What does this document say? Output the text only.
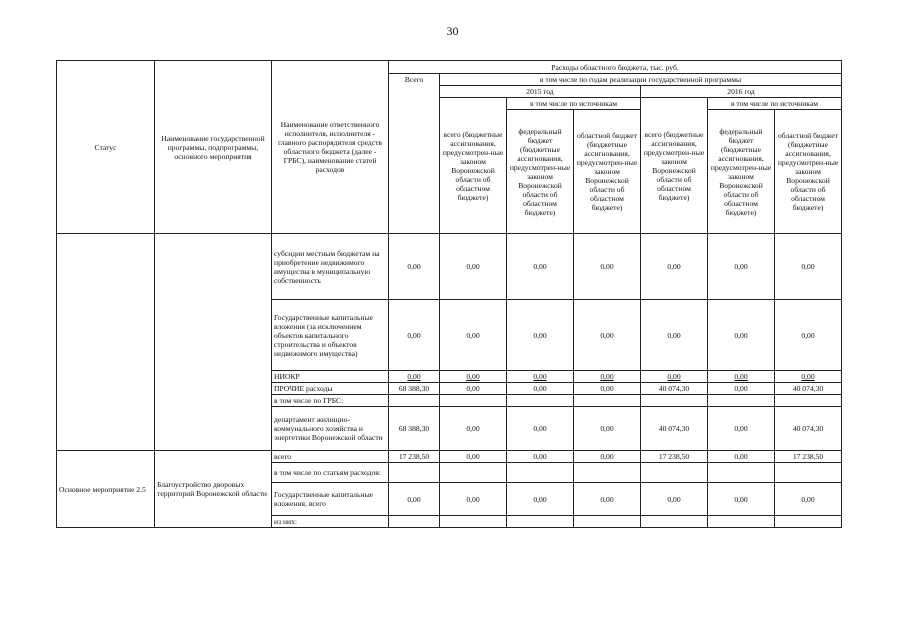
30
Статус	Наименование государственной программы, подпрограммы, основного мероприятия	Наименование ответственного исполнителя, исполнителя - главного распорядителя средств областного бюджета (далее - ГРБС), наименование статей расходов	Расходы областного бюджета, тыс. руб.						
			Всего	в том числе по годам реализации государственной программы					
				2015 год			2016 год		
				всего (бюджетные ассигнования, предусмотрен-ные законом Воронежской области об областном бюджете)	в том числе по источникам		всего (бюджетные ассигнования, предусмотрен-ные законом Воронежской области об областном бюджете)	в том числе по источникам	
					федеральный бюджет (бюджетные ассигнования, предусмотрен-ные законом Воронежской области об областном бюджете)	областной бюджет (бюджетные ассигнования, предусмотрен-ные законом Воронежской области об областном бюджете)		федеральный бюджет (бюджетные ассигнования, предусмотрен-ные законом Воронежской области об областном бюджете)	областной бюджет (бюджетные ассигнования, предусмотрен-ные законом Воронежской области об областном бюджете)
		субсидии местным бюджетам на приобретение недвижимого имущества в муниципальную собственность	0,00	0,00	0,00	0,00	0,00	0,00	0,00
		Государственные капитальные вложения (за исключением объектов капитального строительства и объектов недвижимого имущества)	0,00	0,00	0,00	0,00	0,00	0,00	0,00
		НИОКР	0,00	0,00	0,00	0,00	0,00	0,00	0,00
		ПРОЧИЕ расходы	68 388,30	0,00	0,00	0,00	40 074,30	0,00	40 074,30
		в том числе по ГРБС:							
		департамент жилищно-коммунального хозяйства и энергетики Воронежской области	68 388,30	0,00	0,00	0,00	40 074,30	0,00	40 074,30
Основное мероприятие 2.5	Благоустройство дворовых территорий Воронежской области	всего	17 238,50	0,00	0,00	0,00	17 238,50	0,00	17 238,50
		в том числе по статьям расходов:							
		Государственные капитальные вложения, всего	0,00	0,00	0,00	0,00	0,00	0,00	0,00
		из них:							
